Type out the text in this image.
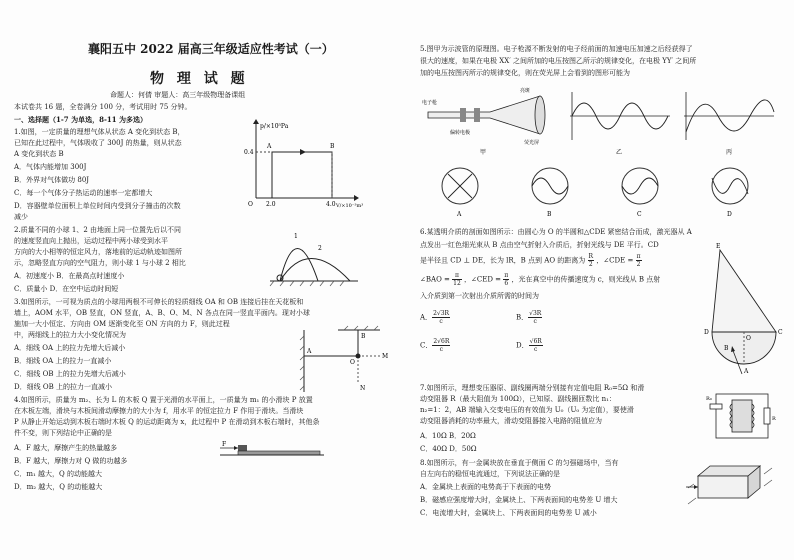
襄阳五中 2022 届高三年级适应性考试（一）
物 理 试 题
命题人：何倩 审题人：高三年级物理备课组
本试卷共 16 题，全卷满分 100 分，考试用时 75 分钟。
一、选择题（1-7 为单选，8-11 为多选）
1.如图，一定质量的理想气体从状态 A 变化到状态 B，
已知在此过程中，气体吸收了 300J 的热量，则从状态
A 变化到状态 B
A．气体内能增加 300J
B．外界对气体做功 80J
C．每一个气体分子热运动的速率一定都增大
D．容器壁单位面积上单位时间内受到分子撞击的次数
减少
p/×10⁵Pa
0.4
A	B
O 2.0	4.0 V/×10⁻³m³
2.质量不同的小球 1、2 由地面上同一位置先后以不同
的速度竖直向上抛出，运动过程中两小球受到水平
方向的大小相等的恒定风力，落地前的运动轨迹如图所
示，忽略竖直方向的空气阻力，则小球 1 与小球 2 相比
A．初速度小 B．在最高点时速度小
C．质量小 D．在空中运动时间短
1
2
3.如图所示，一可视为质点的小球用两根不可伸长的轻质细线 OA 和 OB 连接后挂在天花板和
墙上，AOM 水平，OB 竖直，ON 竖直，A、B、O、M、N 各点在同一竖直平面内。现对小球
施加一大小恒定、方向由 OM 逐渐变化至 ON 方向的力 F，则此过程
中，两细线上的拉力大小变化情况为
A．细线 OA 上的拉力先增大后减小
B．细线 OA 上的拉力一直减小
C．细线 OB 上的拉力先增大后减小
D．细线 OB 上的拉力一直减小
A
B
O
M
N
4.如图所示，质量为 m₂、长为 L 的木板 Q 置于光滑的水平面上，一质量为 m₁ 的小滑块 P 放置
在木板左端，滑块与木板间滑动摩擦力的大小为 f，用水平 的恒定拉力 F 作用于滑块。当滑块
P 从静止开始运动到木板右端时木板 Q 的运动距离为 x，此过程中 P 在滑动到木板右端时，其他条
件不变，则下列结论中正确的是
A．F 越大，摩擦产生的热量越多
B．F 越大，摩擦力对 Q 做的功越多
C．m₁ 越大，Q 的动能越大
D．m₂ 越大，Q 的动能越大
F
5.图甲为示波管的原理图。电子枪源不断发射的电子经前面的加速电压加速之后经获得了
很大的速度，如果在电极 XX′ 之间所加的电压按图乙所示的规律变化，在电极 YY′ 之间所
加的电压按图丙所示的规律变化，则在荧光屏上会看到的图形可能为
电子枪
偏转电极
亮斑
荧光屏
甲	乙	丙
A	B	C	D
6.某透明介质的剖面如图所示：由圆心为 O 的半圆和△CDE 紧密结合而成，激光器从 A
点发出一红色细光束从 B 点由空气折射入介质后，折射光线与 DE 平行。CD
是半径且 CD ⊥ DE，长为 lR，B 点到 AO 的距离为 $\frac{R}{2}$ ，∠CDE = $\frac{\pi}{2}$
∠BAO = $\frac{\pi}{12}$ ，∠CED = $\frac{\pi}{6}$ ，光在真空中的传播速度为 c，则光线从 B 点射
入介质到第一次射出介质所需的时间为
A． $\frac{2√3R}{c}$	B． $\frac{√3R}{c}$
C． $\frac{2√6R}{c}$	D． $\frac{√6R}{c}$
E
D	C
A
B
O
7.如图所示，理想变压器原、副线圈两端分别接有定值电阻 R₀=5Ω 和滑
动变阻器 R（最大阻值为 100Ω），已知原、副线圈匝数比 n₁：
n₂=1：2，AB 端输入交变电压的有效值为 U₀（U₀ 为定值），要使滑
动变阻器消耗的功率最大，滑动变阻器接入电路的阻值应为
A．10Ω B．20Ω
C．40Ω D．50Ω
R₀
R
8.如图所示，有一金属块放在垂直于侧面 C 的匀强磁场中，当有
自左向右的稳恒电流通过，下列说法正确的是
A．金属块上表面的电势高于下表面的电势
B．磁感应强度增大时，金属块上、下两表面间的电势差 U 增大
C．电流增大时，金属块上、下两表面间的电势差 U 减小
